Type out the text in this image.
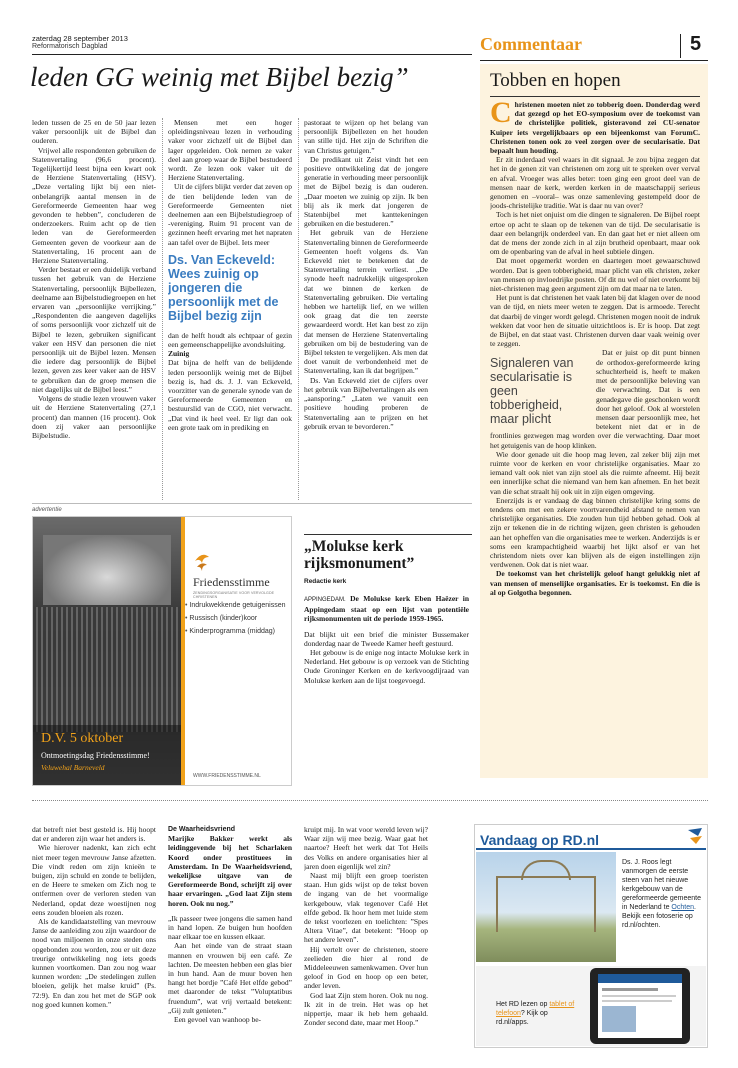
zaterdag 28 september 2013
Reformatorisch Dagblad	Commentaar	5
leden GG weinig met Bijbel bezig”

leden tussen de 25 en de 50 jaar lezen vaker persoonlijk uit de Bijbel dan ouderen.

Vrijwel alle respondenten gebruiken de Statenvertaling (96,6 procent). Tegelijkertijd leest bijna een kwart ook de Herziene Statenvertaling (HSV). „Deze vertaling lijkt bij een niet-onbelangrijk aantal mensen in de Gereformeerde Gemeenten haar weg gevonden te hebben”, concluderen de onderzoekers. Ruim acht op de tien leden van de Gereformeerden Gemeenten geven de voorkeur aan de Statenvertaling, 16 procent aan de Herziene Statenvertaling.

Verder bestaat er een duidelijk verband tussen het gebruik van de Herziene Statenvertaling, persoonlijk Bijbellezen, deelname aan Bijbelstudiegroepen en het ervaren van „persoonlijke verrijking.” „Respondenten die aangeven dagelijks of soms persoonlijk voor zichzelf uit de Bijbel te lezen, gebruiken significant vaker een HSV dan personen die niet persoonlijk uit de Bijbel lezen. Mensen die iedere dag persoonlijk de Bijbel lezen, geven zes keer vaker aan de HSV te gebruiken dan de groep mensen die niet dagelijks uit de Bijbel leest.”

Volgens de studie lezen vrouwen vaker uit de Herziene Statenvertaling (27,1 procent) dan mannen (16 procent). Ook doen zij vaker aan persoonlijke Bijbelstudie.

Mensen met een hoger opleidingsniveau lezen in verhouding vaker voor zichzelf uit de Bijbel dan lager opgeleiden. Ook nemen ze vaker deel aan groep waar de Bijbel bestudeerd wordt. Ze lezen ook vaker uit de Herziene Statenvertaling.

Uit de cijfers blijkt verder dat zeven op de tien belijdende leden van de Gereformeerde Gemeenten niet deelnemen aan een Bijbelstudiegroep of -vereniging. Ruim 91 procent van de gezinnen heeft ervaring met het napraten aan tafel over de Bijbel. Iets meer

Ds. Van Eckeveld: Wees zuinig op jongeren die persoonlijk met de Bijbel bezig zijn

dan de helft houdt als echtpaar of gezin een gemeenschappelijke avondsluiting.

Zuinig

Dat bijna de helft van de belijdende leden persoonlijk weinig met de Bijbel bezig is, had ds. J. J. van Eckeveld, voorzitter van de generale synode van de Gereformeerde Gemeenten en bestuurslid van de CGO, niet verwacht. „Dat vind ik heel veel. Er ligt dan ook een grote taak om in prediking en

pastoraat te wijzen op het belang van persoonlijk Bijbellezen en het houden van stille tijd. Het zijn de Schriften die van Christus getuigen.”

De predikant uit Zeist vindt het een positieve ontwikkeling dat de jongere generatie in verhouding meer persoonlijk met de Bijbel bezig is dan ouderen. „Daar moeten we zuinig op zijn. Ik ben blij als ik merk dat jongeren de Statenbijbel met kanttekeningen gebruiken en die bestuderen.”

Het gebruik van de Herziene Statenvertaling binnen de Gereformeerde Gemeenten hoeft volgens ds. Van Eckeveld niet te betekenen dat de Statenvertaling terrein verliest. „De synode heeft nadrukkelijk uitgesproken dat we binnen de kerken de Statenvertaling gebruiken. Die vertaling hebben we hartelijk lief, en we willen ook graag dat die ten zeerste gewaardeerd wordt. Het kan best zo zijn dat mensen de Herziene Statenvertaling gebruiken om bij de bestudering van de Bijbel teksten te vergelijken. Als men dat doet vanuit de verbondenheid met de Statenvertaling, kan ik dat begrijpen.”

Ds. Van Eckeveld ziet de cijfers over het gebruik van Bijbelvertalingen als een „aansporing.” „Laten we vanuit een positieve houding proberen de Statenvertaling aan te prijzen en het gebruik ervan te bevorderen.”

Tobben en hopen

Christenen moeten niet zo tobberig doen. Donderdag werd dat gezegd op het EO-symposium over de toekomst van de christelijke politiek, gisteravond zei CU-senator Kuiper iets vergelijkbaars op een bijeenkomst van ForumC. Christenen tonen ook zo veel zorgen over de secularisatie. Dat bepaalt hun houding.

Er zit inderdaad veel waars in dit signaal. Je zou bijna zeggen dat het in de genen zit van christenen om zorg uit te spreken over verval en afval. Vroeger was alles beter: toen ging een groot deel van de mensen naar de kerk, werden kerken in de maatschappij serieus genomen en –vooral– was onze samenleving gestempeld door de joods-christelijke traditie. Wat is daar nu van over?

Toch is het niet onjuist om die dingen te signaleren. De Bijbel roept ertoe op acht te slaan op de tekenen van de tijd. De secularisatie is daar een belangrijk onderdeel van. En dan gaat het er niet alleen om dat de mens der zonde zich in al zijn brutheid openbaart, maar ook om de openbaring van de afval in heel subtiele dingen.

Dat moet opgemerkt worden en daartegen moet gewaarschuwd worden. Dat is geen tobberigheid, maar plicht van elk christen, zeker van mensen op invloedrijke posten. Of dit nu wel of niet overkomt bij niet-christenen mag geen argument zijn om dat maar na te laten.

Het punt is dat christenen het vaak laten bij dat klagen over de nood van de tijd, en niets meer weten te zeggen. Dat is armoede. Terecht dat daarbij de vinger wordt gelegd. Christenen mogen nooit de indruk wekken dat voor hen de situatie uitzichtloos is. Er is hoop. Dat zegt de Bijbel, en dat staat vast. Christenen durven daar vaak weinig over te zeggen.

Signaleren van secularisatie is geen tobberigheid, maar plicht

Dat er juist op dit punt binnen de orthodox-gereformeerde kring schuchterheid is, heeft te maken met de persoonlijke beleving van die verwachting. Dat is een genadegave die geschonken wordt door het geloof. Ook al worstelen mensen daar persoonlijk mee, het betekent niet dat er in de frontlinies gezwegen mag worden over die verwachting. Daar moet het getuigenis van de hoop klinken.

Wie door genade uit die hoop mag leven, zal zeker blij zijn met ruimte voor de kerken en voor christelijke organisaties. Maar zo iemand valt ook niet van zijn stoel als die ruimte afneemt. Hij bezit een innerlijke schat die niemand van hem kan afnemen. En het bezit van die schat straalt hij ook uit in zijn eigen omgeving.

Enerzijds is er vandaag de dag binnen christelijke kring soms de tendens om met een zekere voortvarendheid afstand te nemen van christelijke organisaties. Die zouden hun tijd hebben gehad. Ook al zijn er tekenen die in de richting wijzen, geen christen is gehouden aan het opheffen van die organisaties mee te werken. Anderzijds is er soms een krampachtigheid waarbij het lijkt alsof er van het christendom niets over kan blijven als de eigen instellingen zijn verdwenen. Ook dat is niet waar.

De toekomst van het christelijk geloof hangt gelukkig niet af van mensen of menselijke organisaties. Er is toekomst. En die is al op Golgotha begonnen.

advertentie
D.V. 5 oktober
Ontmoetingsdag Friedensstimme!
Veluwehal Barneveld
Friedensstimme
ZENDINGSORGANISATIE VOOR VERVOLGDE CHRISTENEN
• Indrukwekkende getuigenissen
• Russisch (kinder)koor
• Kinderprogramma (middag)
WWW.FRIEDENSSTIMME.NL
„Molukse kerk rijksmonument”
Redactie kerk

APPINGEDAM. De Molukse kerk Eben Haëzer in Appingedam staat op een lijst van potentiële rijksmonumenten uit de periode 1959-1965.

Dat blijkt uit een brief die minister Bussemaker donderdag naar de Tweede Kamer heeft gestuurd.

Het gebouw is de enige nog intacte Molukse kerk in Nederland. Het gebouw is op verzoek van de Stichting Oude Groninger Kerken en de kerkvoogdijraad van Molukse kerken aan de lijst toegevoegd.

dat betreft niet best gesteld is. Hij hoopt dat er anderen zijn waar het anders is.

Wie hierover nadenkt, kan zich echt niet meer tegen mevrouw Janse afzetten. Die vindt reden om zijn knieën te buigen, zijn schuld en zonde te belijden, en de Heere te smeken om Zich nog te ontfermen over de verloren steden van Nederland, opdat deze woestijnen nog eens zouden bloeien als rozen.

Als de kandidaatstelling van mevrouw Janse de aanleiding zou zijn waardoor de nood van miljoenen in onze steden ons opgebonden zou worden, zou er uit deze treurige ontwikkeling nog iets goeds kunnen voortkomen. Dan zou nog waar kunnen worden: „De stedelingen zullen bloeien, gelijk het malse kruid” (Ps. 72:9). En dan zou het met de SGP ook nog goed kunnen komen.”

De Waarheidsvriend

Marijke Bakker werkt als leidinggevende bij het Scharlaken Koord onder prostituees in Amsterdam. In De Waarheidsvriend, wekelijkse uitgave van de Gereformeerde Bond, schrijft zij over haar ervaringen. „God laat Zijn stem horen. Ook nu nog.”

„Ik passeer twee jongens die samen hand in hand lopen. Ze buigen hun hoofden naar elkaar toe en kussen elkaar.

Aan het einde van de straat staan mannen en vrouwen bij een café. Ze lachten. De meesten hebben een glas bier in hun hand. Aan de muur boven hen hangt het bordje ”Café Het elfde gebod” met daaronder de tekst ”Voluptatibus fruendum”, wat vrij vertaald betekent: „Gij zult genieten.”

Een gevoel van wanhoop be-

kruipt mij. In wat voor wereld leven wij? Waar zijn wij mee bezig. Waar gaat het naartoe? Heeft het werk dat Tot Heils des Volks en andere organisaties hier al jaren doen eigenlijk wel zin?

Naast mij blijft een groep toeristen staan. Hun gids wijst op de tekst boven de ingang van de het voormalige kerkgebouw, vlak tegenover Café Het elfde gebod. Ik hoor hem met luide stem de tekst voorlezen en toelichten: ”Spes Altera Vitae”, dat betekent: ”Hoop op het andere leven”.

Hij vertelt over de christenen, stoere zeelieden die hier al rond de Middeleeuwen samenkwamen. Over hun geloof in God en hoop op een beter, ander leven.

God laat Zijn stem horen. Ook nu nog. Ik zit in de trein. Het was op het nippertje, maar ik heb hem gehaald. Zonder second date, maar met Hoop.”

Vandaag op RD.nl
Ds. J. Roos legt vanmorgen de eerste steen van het nieuwe kerkgebouw van de gereformeerde gemeente in Nederland te Ochten. Bekijk een fotoserie op rd.nl/ochten.
Het RD lezen op tablet of telefoon? Kijk op rd.nl/apps.
